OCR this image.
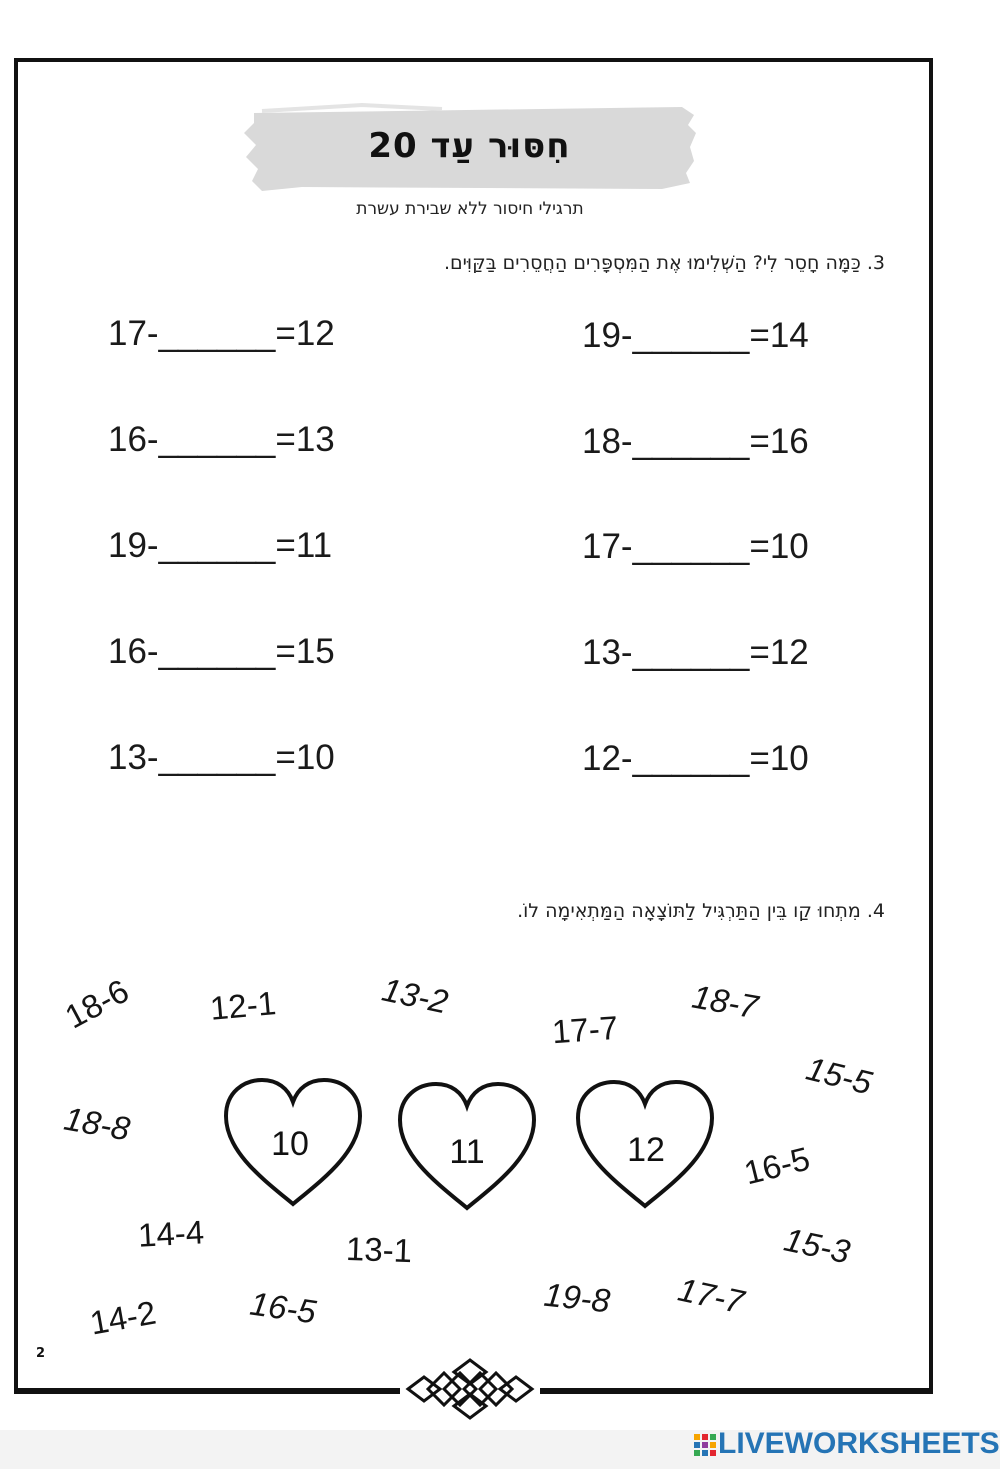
חִסּוּר עַד 20
תרגילי חיסור ללא שבירת עשרת
3. כַּמָּה חָסֵר לִי? הַשְׁלִימוּ אֶת הַמִּסְפָּרִים הַחֲסֵרִים בַּקַּוִּים.
17-______=12
16-______=13
19-______=11
16-______=15
13-______=10
19-______=14
18-______=16
17-______=10
13-______=12
12-______=10
4. מִתְחוּ קַו בֵּין הַתַּרְגִּיל לַתּוֹצָאָה הַמַּתְאִימָה לוֹ.
10	11	12
18-6 12-1	13-2
17-7
18-7
15-5
18-8
16-5
14-4	13-1	15-3
14-2	16-5	19-8 17-7
2
LIVEWORKSHEETS
